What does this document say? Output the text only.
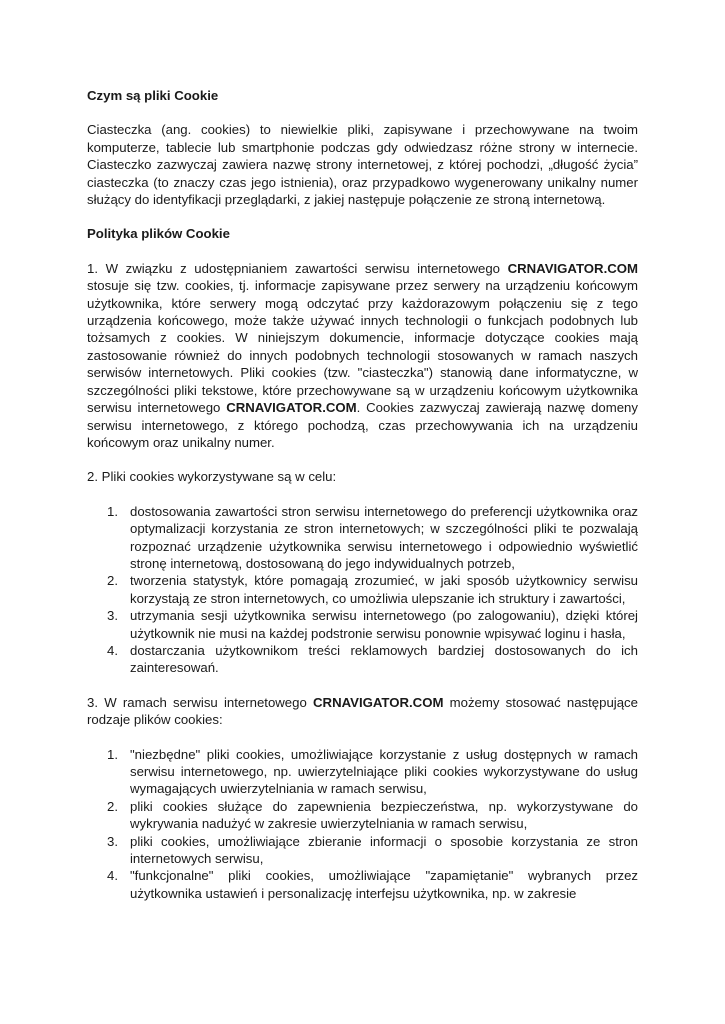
Czym są pliki Cookie

Ciasteczka (ang. cookies) to niewielkie pliki, zapisywane i przechowywane na twoim komputerze, tablecie lub smartphonie podczas gdy odwiedzasz różne strony w internecie. Ciasteczko zazwyczaj zawiera nazwę strony internetowej, z której pochodzi, „długość życia” ciasteczka (to znaczy czas jego istnienia), oraz przypadkowo wygenerowany unikalny numer służący do identyfikacji przeglądarki, z jakiej następuje połączenie ze stroną internetową.

Polityka plików Cookie

1. W związku z udostępnianiem zawartości serwisu internetowego CRNAVIGATOR.COM stosuje się tzw. cookies, tj. informacje zapisywane przez serwery na urządzeniu końcowym użytkownika, które serwery mogą odczytać przy każdorazowym połączeniu się z tego urządzenia końcowego, może także używać innych technologii o funkcjach podobnych lub tożsamych z cookies. W niniejszym dokumencie, informacje dotyczące cookies mają zastosowanie również do innych podobnych technologii stosowanych w ramach naszych serwisów internetowych. Pliki cookies (tzw. "ciasteczka") stanowią dane informatyczne, w szczególności pliki tekstowe, które przechowywane są w urządzeniu końcowym użytkownika serwisu internetowego CRNAVIGATOR.COM. Cookies zazwyczaj zawierają nazwę domeny serwisu internetowego, z którego pochodzą, czas przechowywania ich na urządzeniu końcowym oraz unikalny numer.

2. Pliki cookies wykorzystywane są w celu:

1. dostosowania zawartości stron serwisu internetowego do preferencji użytkownika oraz optymalizacji korzystania ze stron internetowych; w szczególności pliki te pozwalają rozpoznać urządzenie użytkownika serwisu internetowego i odpowiednio wyświetlić stronę internetową, dostosowaną do jego indywidualnych potrzeb,
2. tworzenia statystyk, które pomagają zrozumieć, w jaki sposób użytkownicy serwisu korzystają ze stron internetowych, co umożliwia ulepszanie ich struktury i zawartości,
3. utrzymania sesji użytkownika serwisu internetowego (po zalogowaniu), dzięki której użytkownik nie musi na każdej podstronie serwisu ponownie wpisywać loginu i hasła,
4. dostarczania użytkownikom treści reklamowych bardziej dostosowanych do ich zainteresowań.

3. W ramach serwisu internetowego CRNAVIGATOR.COM możemy stosować następujące rodzaje plików cookies:

1. "niezbędne" pliki cookies, umożliwiające korzystanie z usług dostępnych w ramach serwisu internetowego, np. uwierzytelniające pliki cookies wykorzystywane do usług wymagających uwierzytelniania w ramach serwisu,
2. pliki cookies służące do zapewnienia bezpieczeństwa, np. wykorzystywane do wykrywania nadużyć w zakresie uwierzytelniania w ramach serwisu,
3. pliki cookies, umożliwiające zbieranie informacji o sposobie korzystania ze stron internetowych serwisu,
4. "funkcjonalne" pliki cookies, umożliwiające "zapamiętanie" wybranych przez użytkownika ustawień i personalizację interfejsu użytkownika, np. w zakresie
